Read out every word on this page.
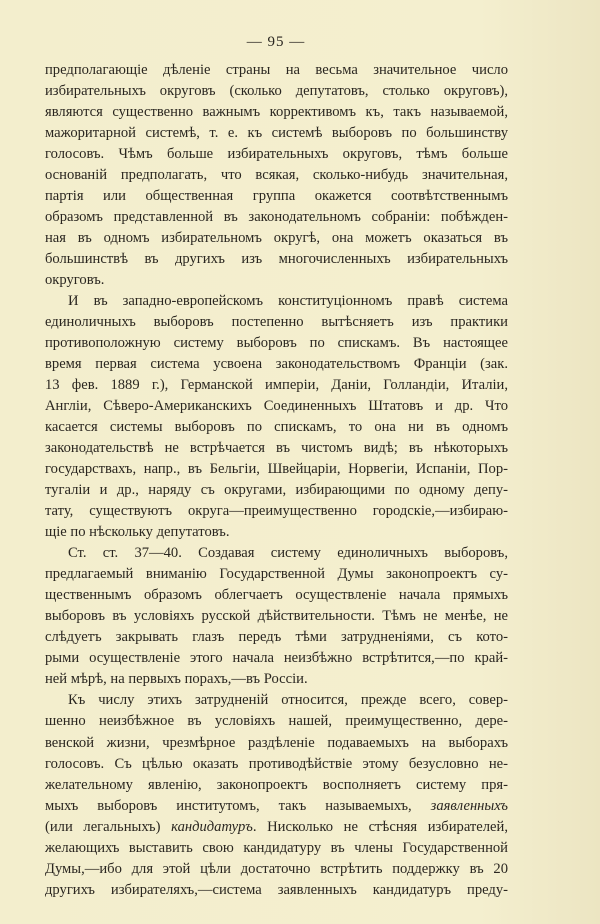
— 95 —
предполагающіе дѣленіе страны на весьма значительное число
избирательныхъ округовъ (сколько депутатовъ, столько округовъ),
являются существенно важнымъ коррективомъ къ, такъ называемой,
мажоритарной системѣ, т. е. къ системѣ выборовъ по большинству
голосовъ. Чѣмъ больше избирательныхъ округовъ, тѣмъ больше
основаній предполагать, что всякая, сколько-нибудь значительная,
партія или общественная группа окажется соотвѣтственнымъ
образомъ представленной въ законодательномъ собраніи: побѣжден-
ная въ одномъ избирательномъ округѣ, она можетъ оказаться въ
большинствѣ въ другихъ изъ многочисленныхъ избирательныхъ
округовъ.
И въ западно-европейскомъ конституціонномъ правѣ система
единоличныхъ выборовъ постепенно вытѣсняетъ изъ практики
противоположную систему выборовъ по спискамъ. Въ настоящее
время первая система усвоена законодательствомъ Франціи (зак.
13 фев. 1889 г.), Германской имперіи, Даніи, Голландіи, Италіи,
Англіи, Сѣверо-Американскихъ Соединенныхъ Штатовъ и др. Что
касается системы выборовъ по спискамъ, то она ни въ одномъ
законодательствѣ не встрѣчается въ чистомъ видѣ; въ нѣкоторыхъ
государствахъ, напр., въ Бельгіи, Швейцаріи, Норвегіи, Испаніи, Пор-
тугаліи и др., наряду съ округами, избирающими по одному депу-
тату, существуютъ округа—преимущественно городскіе,—избираю-
щіе по нѣскольку депутатовъ.
Ст. ст. 37—40. Создавая систему единоличныхъ выборовъ,
предлагаемый вниманію Государственной Думы законопроектъ су-
щественнымъ образомъ облегчаетъ осуществленіе начала прямыхъ
выборовъ въ условіяхъ русской дѣйствительности. Тѣмъ не менѣе, не
слѣдуетъ закрывать глазъ передъ тѣми затрудненіями, съ кото-
рыми осуществленіе этого начала неизбѣжно встрѣтится,—по край-
ней мѣрѣ, на первыхъ порахъ,—въ Россіи.
Къ числу этихъ затрудненій относится, прежде всего, совер-
шенно неизбѣжное въ условіяхъ нашей, преимущественно, дере-
венской жизни, чрезмѣрное раздѣленіе подаваемыхъ на выборахъ
голосовъ. Съ цѣлью оказать противодѣйствіе этому безусловно не-
желательному явленію, законопроектъ восполняетъ систему пря-
мыхъ выборовъ институтомъ, такъ называемыхъ, заявленныхъ
(или легальныхъ) кандидатуръ. Нисколько не стѣсняя избирателей,
желающихъ выставить свою кандидатуру въ члены Государственной
Думы,—ибо для этой цѣли достаточно встрѣтить поддержку въ 20
другихъ избирателяхъ,—система заявленныхъ кандидатуръ преду-
